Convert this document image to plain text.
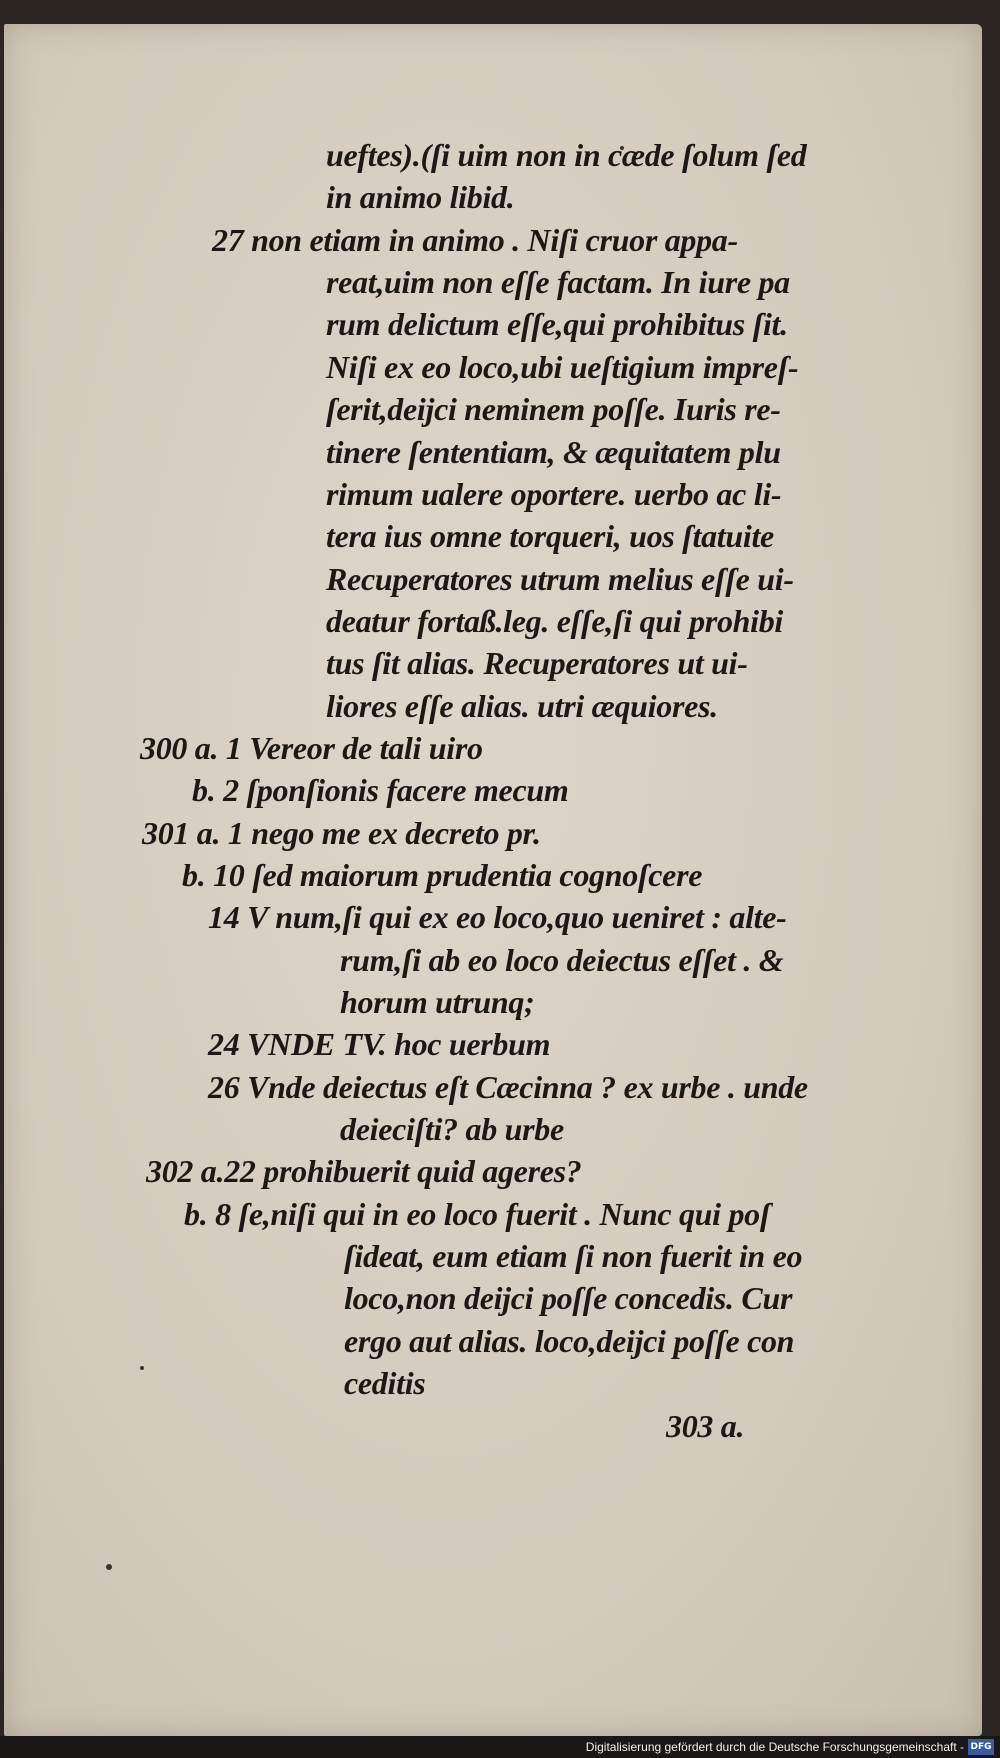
Digitalisierung gefördert durch die Deutsche Forschungsgemeinschaft - DFG
ueftes).(ſi uim non in cæde ſolum ſed
in animo libid.
27 non etiam in animo . Niſi cruor appa-
reat,uim non eſſe factam. In iure pa
rum delictum eſſe,qui prohibitus ſit.
Niſi ex eo loco,ubi ueſtigium impreſ-
ſerit,deijci neminem poſſe. Iuris re-
tinere ſententiam, & æquitatem plu
rimum ualere oportere. uerbo ac li-
tera ius omne torqueri, uos ſtatuite
Recuperatores utrum melius eſſe ui-
deatur fortaß.leg. eſſe,ſi qui prohibi
tus ſit alias. Recuperatores ut ui-
liores eſſe alias. utri æquiores.
300 a. 1 Vereor de tali uiro
b. 2 ſponſionis facere mecum
301 a. 1 nego me ex decreto pr.
b. 10 ſed maiorum prudentia cognoſcere
14 V num,ſi qui ex eo loco,quo ueniret : alte-
rum,ſi ab eo loco deiectus eſſet . &
horum utrunq;
24 VNDE TV. hoc uerbum
26 Vnde deiectus eſt Cæcinna ? ex urbe . unde
deieciſti? ab urbe
302 a.22 prohibuerit quid ageres?
b. 8 ſe,niſi qui in eo loco fuerit . Nunc qui poſ
ſideat, eum etiam ſi non fuerit in eo
loco,non deijci poſſe concedis. Cur
ergo aut alias. loco,deijci poſſe con
ceditis
303 a.
